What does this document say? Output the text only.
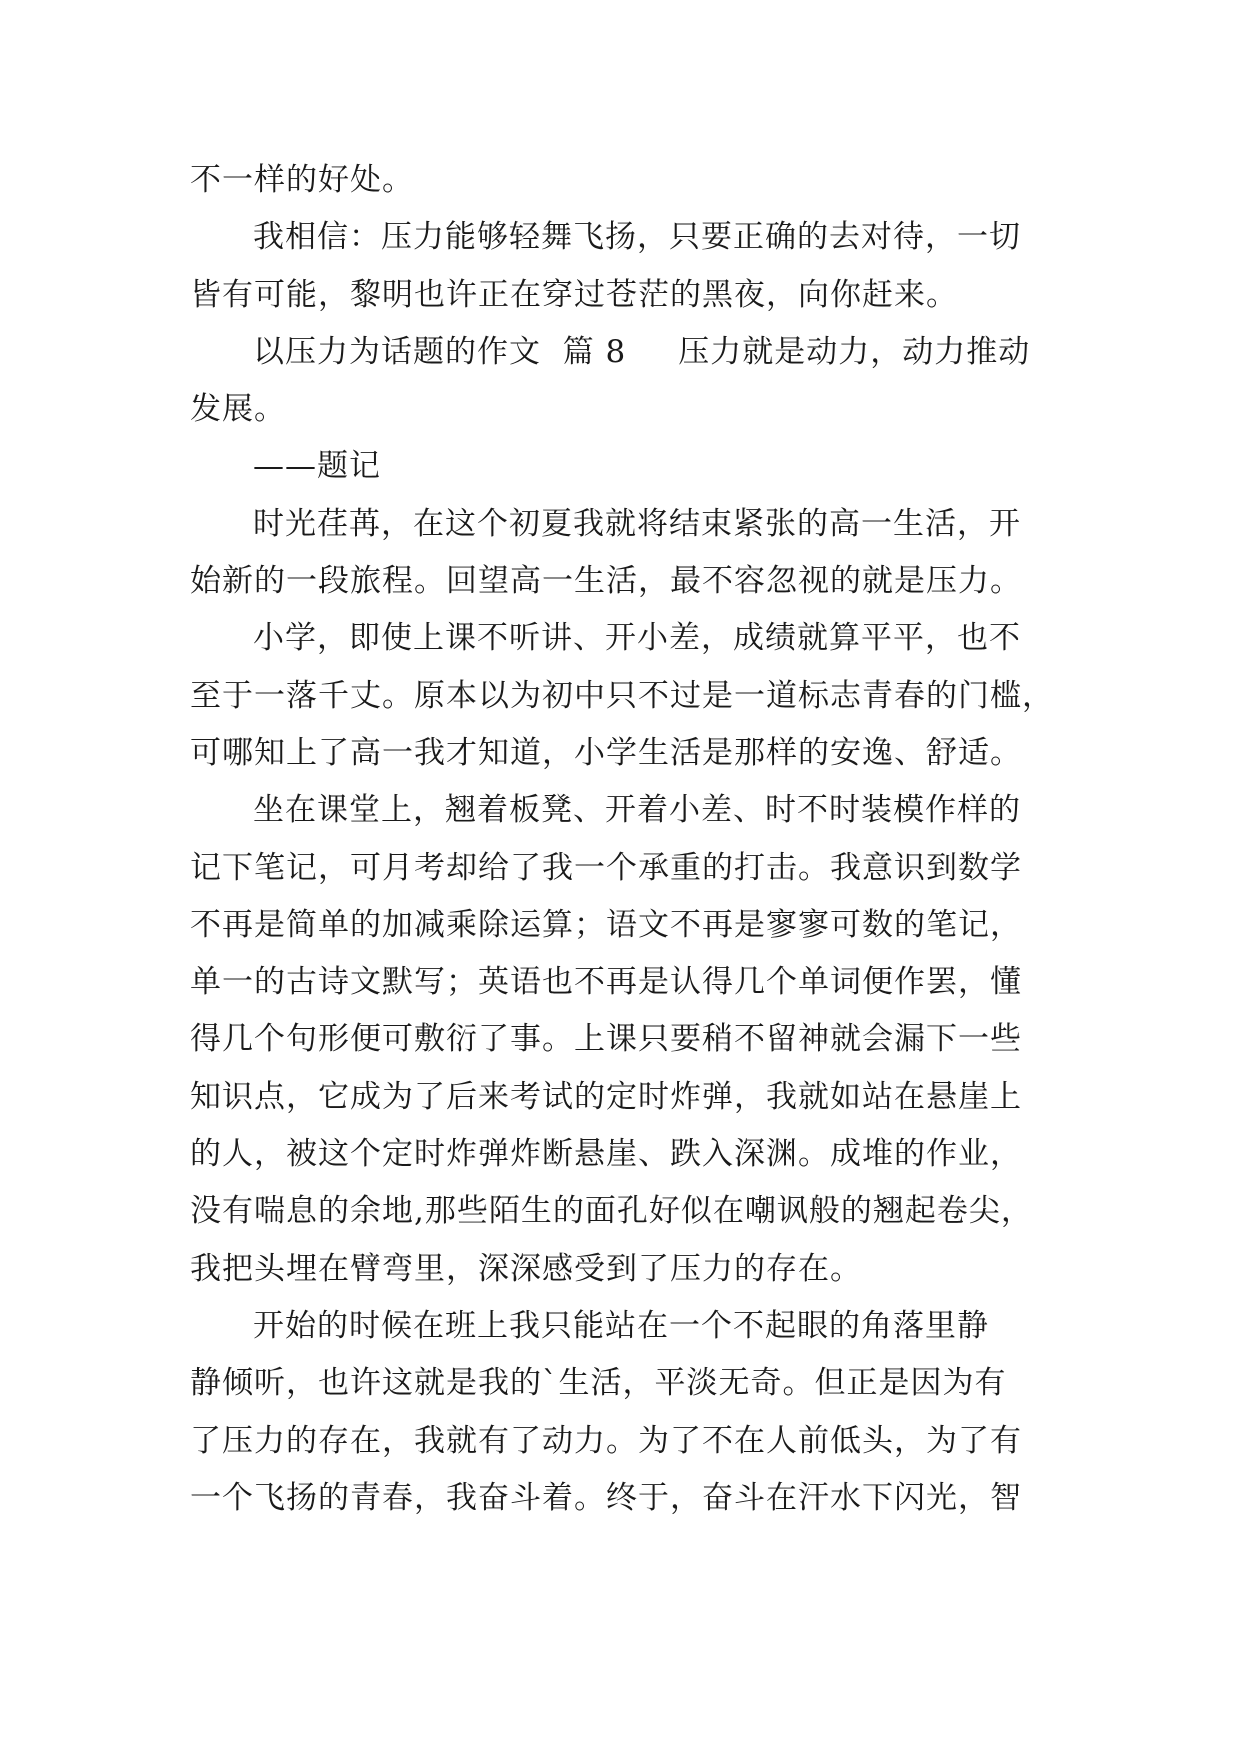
不一样的好处。
我相信：压力能够轻舞飞扬，只要正确的去对待，一切
皆有可能，黎明也许正在穿过苍茫的黑夜，向你赶来。
以压力为话题的作文  篇 8 压力就是动力，动力推动
发展。
——题记
时光荏苒，在这个初夏我就将结束紧张的高一生活，开
始新的一段旅程。回望高一生活，最不容忽视的就是压力。
小学，即使上课不听讲、开小差，成绩就算平平，也不
至于一落千丈。原本以为初中只不过是一道标志青春的门槛，
可哪知上了高一我才知道，小学生活是那样的安逸、舒适。
坐在课堂上，翘着板凳、开着小差、时不时装模作样的
记下笔记，可月考却给了我一个承重的打击。我意识到数学
不再是简单的加减乘除运算；语文不再是寥寥可数的笔记，
单一的古诗文默写；英语也不再是认得几个单词便作罢，懂
得几个句形便可敷衍了事。上课只要稍不留神就会漏下一些
知识点，它成为了后来考试的定时炸弹，我就如站在悬崖上
的人，被这个定时炸弹炸断悬崖、跌入深渊。成堆的作业，
没有喘息的余地,那些陌生的面孔好似在嘲讽般的翘起卷尖，
我把头埋在臂弯里，深深感受到了压力的存在。
开始的时候在班上我只能站在一个不起眼的角落里静
静倾听，也许这就是我的`生活，平淡无奇。但正是因为有
了压力的存在，我就有了动力。为了不在人前低头，为了有
一个飞扬的青春，我奋斗着。终于，奋斗在汗水下闪光，智
